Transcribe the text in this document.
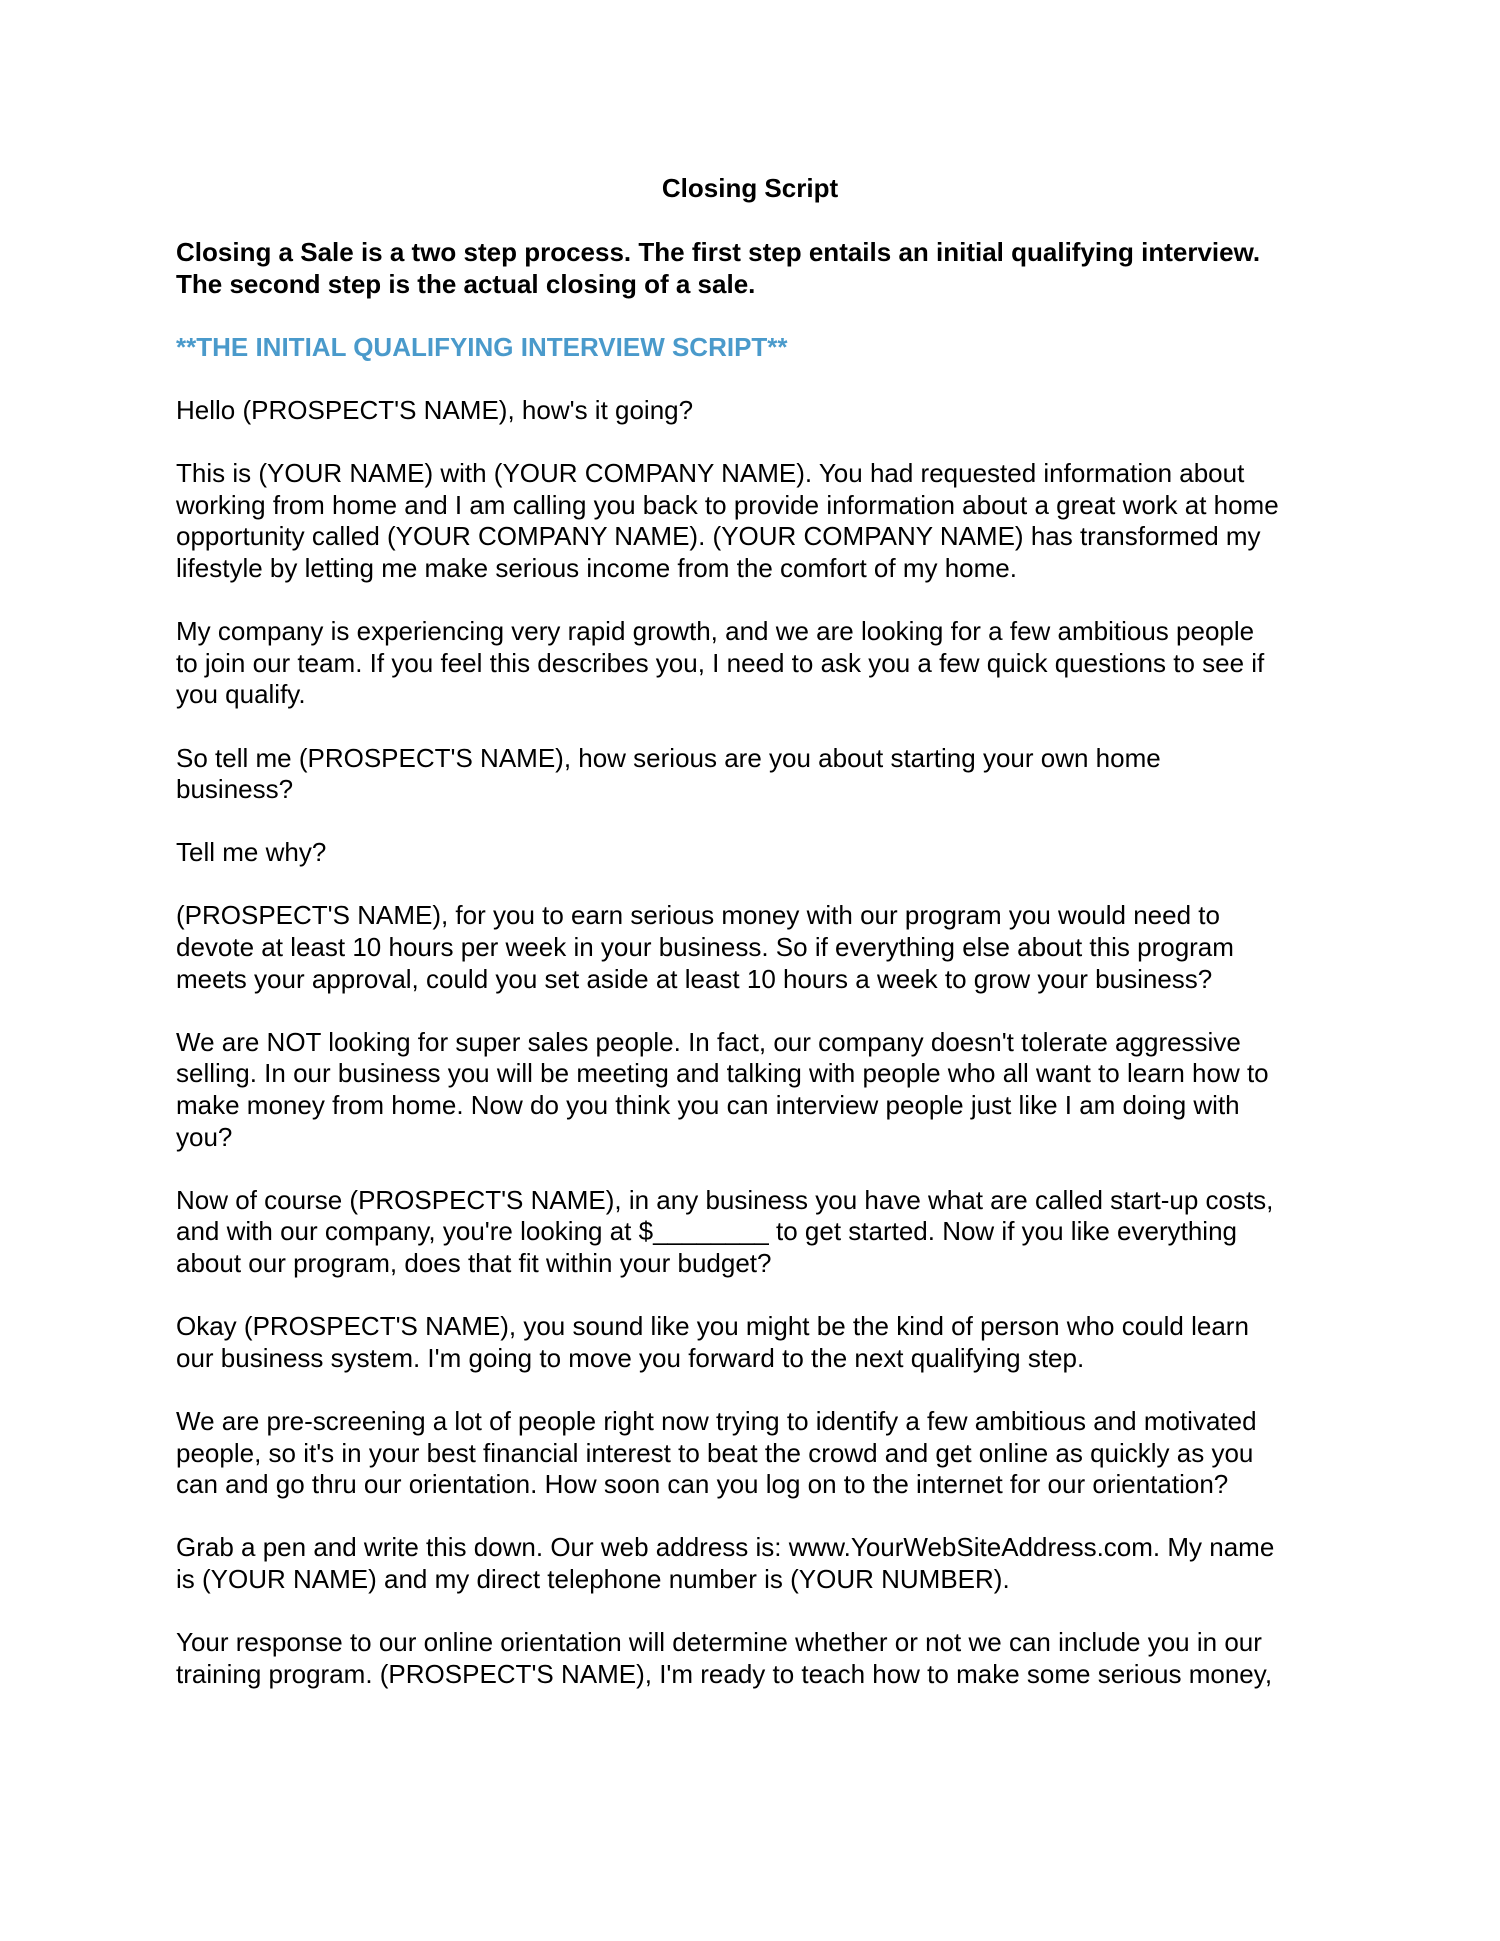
Closing Script

Closing a Sale is a two step process. The first step entails an initial qualifying interview.
The second step is the actual closing of a sale.

**THE INITIAL QUALIFYING INTERVIEW SCRIPT**

Hello (PROSPECT'S NAME), how's it going?

This is (YOUR NAME) with (YOUR COMPANY NAME). You had requested information about
working from home and I am calling you back to provide information about a great work at home
opportunity called (YOUR COMPANY NAME). (YOUR COMPANY NAME) has transformed my
lifestyle by letting me make serious income from the comfort of my home.

My company is experiencing very rapid growth, and we are looking for a few ambitious people
to join our team. If you feel this describes you, I need to ask you a few quick questions to see if
you qualify.

So tell me (PROSPECT'S NAME), how serious are you about starting your own home
business?

Tell me why?

(PROSPECT'S NAME), for you to earn serious money with our program you would need to
devote at least 10 hours per week in your business. So if everything else about this program
meets your approval, could you set aside at least 10 hours a week to grow your business?

We are NOT looking for super sales people. In fact, our company doesn't tolerate aggressive
selling. In our business you will be meeting and talking with people who all want to learn how to
make money from home. Now do you think you can interview people just like I am doing with
you?

Now of course (PROSPECT'S NAME), in any business you have what are called start-up costs,
and with our company, you're looking at $________ to get started. Now if you like everything
about our program, does that fit within your budget?

Okay (PROSPECT'S NAME), you sound like you might be the kind of person who could learn
our business system. I'm going to move you forward to the next qualifying step.

We are pre-screening a lot of people right now trying to identify a few ambitious and motivated
people, so it's in your best financial interest to beat the crowd and get online as quickly as you
can and go thru our orientation. How soon can you log on to the internet for our orientation?

Grab a pen and write this down. Our web address is: www.YourWebSiteAddress.com. My name
is (YOUR NAME) and my direct telephone number is (YOUR NUMBER).

Your response to our online orientation will determine whether or not we can include you in our
training program. (PROSPECT'S NAME), I'm ready to teach how to make some serious money,
